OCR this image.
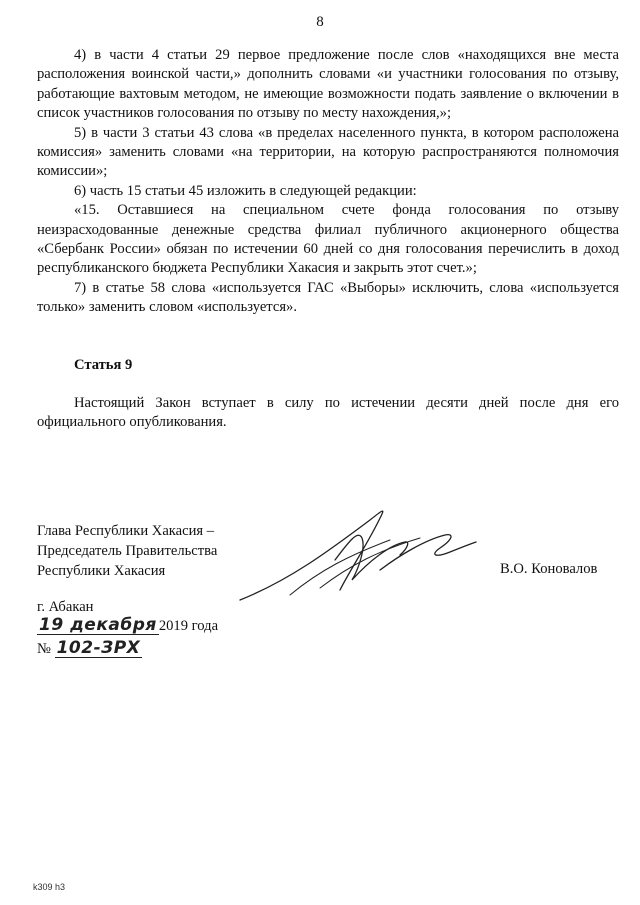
8

4) в части 4 статьи 29 первое предложение после слов «находящихся вне места расположения воинской части,» дополнить словами «и участники голосования по отзыву, работающие вахтовым методом, не имеющие возможности подать заявление о включении в список участников голосования по отзыву по месту нахождения,»;

5) в части 3 статьи 43 слова «в пределах населенного пункта, в котором расположена комиссия» заменить словами «на территории, на которую распространяются полномочия комиссии»;

6) часть 15 статьи 45 изложить в следующей редакции:

«15. Оставшиеся на специальном счете фонда голосования по отзыву неизрасходованные денежные средства филиал публичного акционерного общества «Сбербанк России» обязан по истечении 60 дней со дня голосования перечислить в доход республиканского бюджета Республики Хакасия и закрыть этот счет.»;

7) в статье 58 слова «используется ГАС «Выборы» исключить, слова «используется только» заменить словом «используется».

Статья 9

Настоящий Закон вступает в силу по истечении десяти дней после дня его официального опубликования.

Глава Республики Хакасия –
Председатель Правительства
Республики Хакасия	В.О. Коновалов
г. Абакан
19 декабря 2019 года
№ 102-ЗРХ
k309 h3
